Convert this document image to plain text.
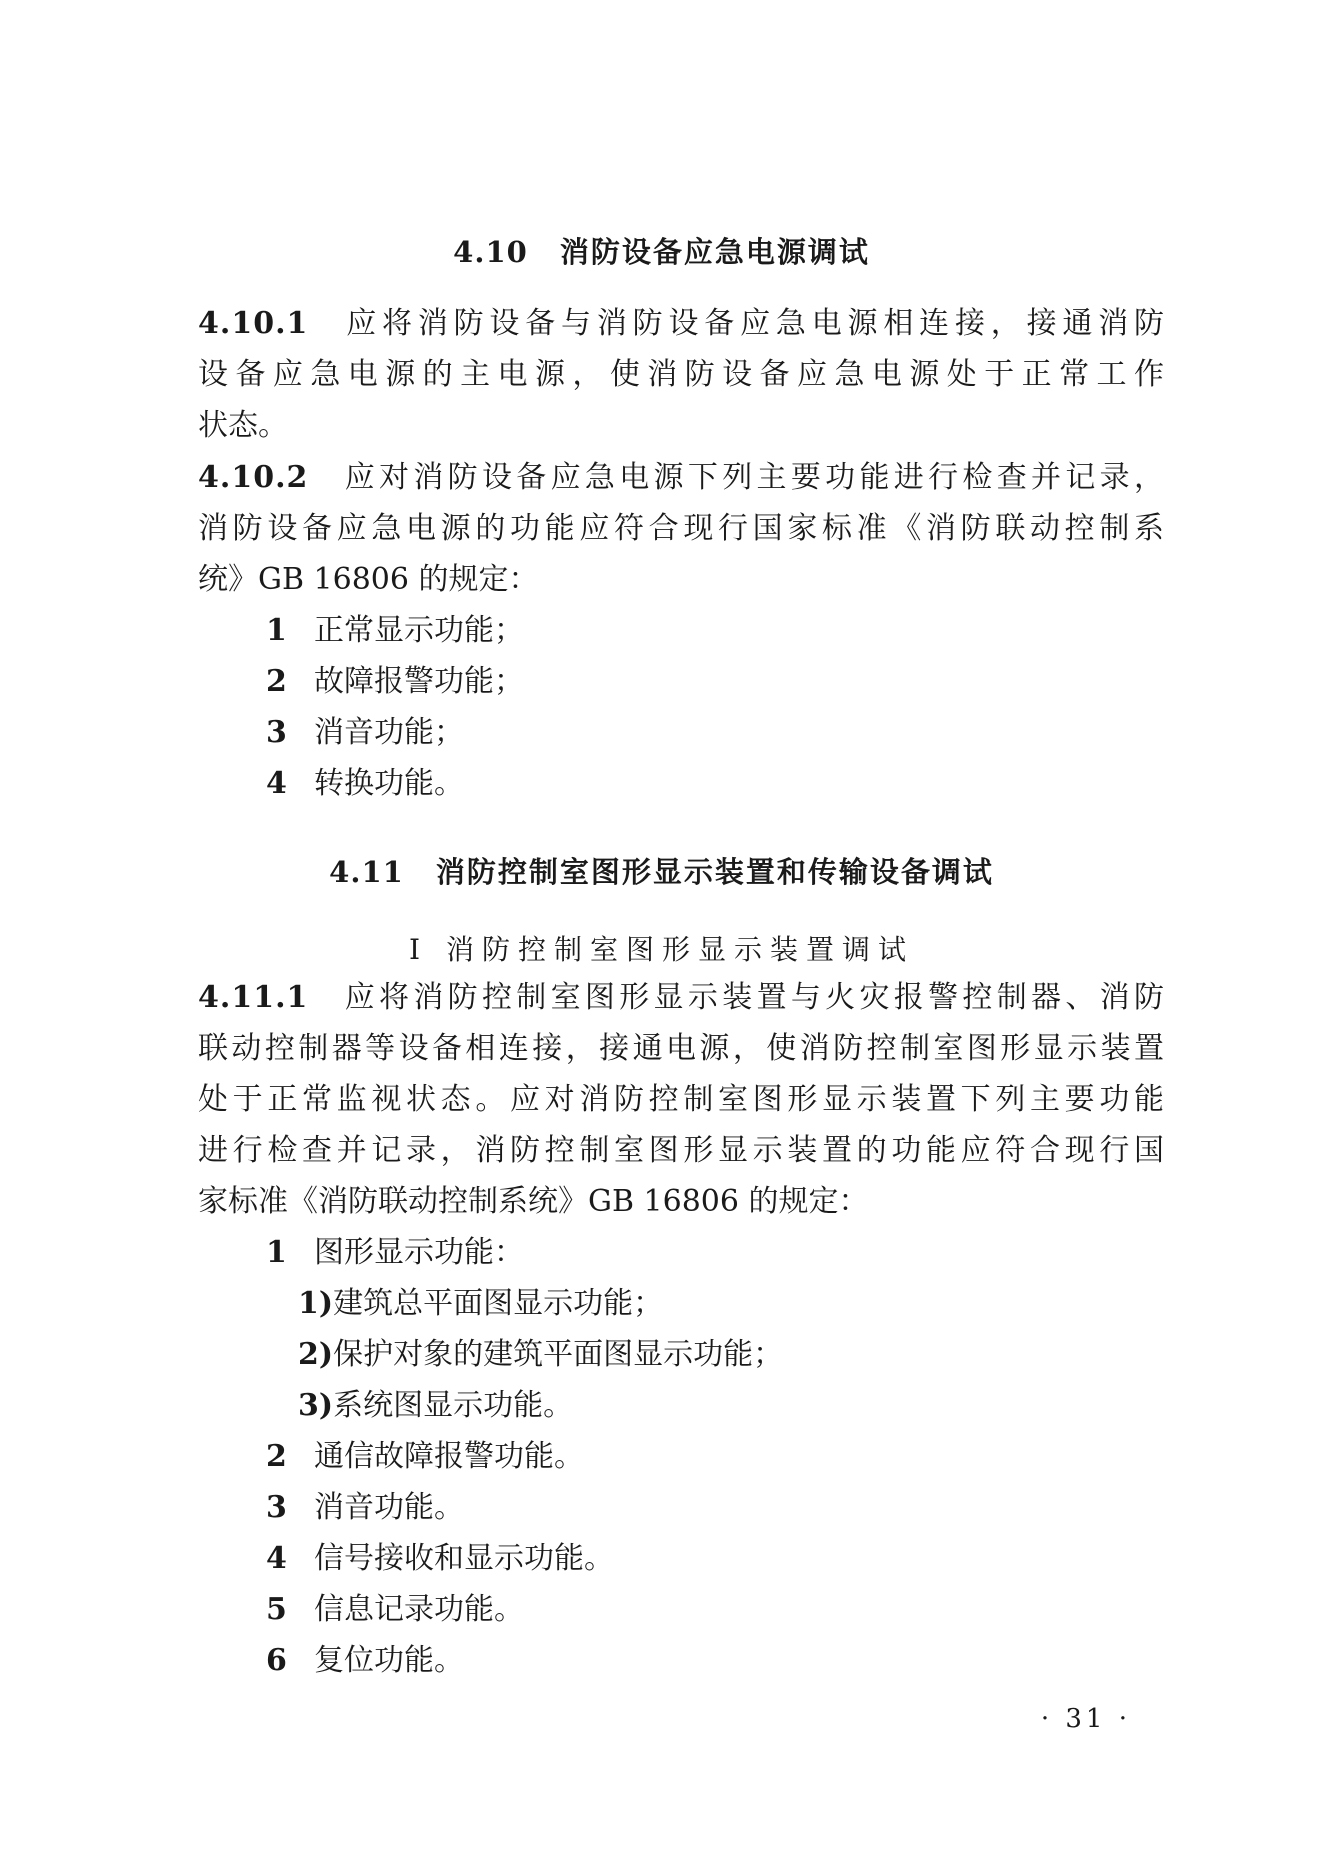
4.10 消防设备应急电源调试
4.10.1 应将消防设备与消防设备应急电源相连接，接通消防
设备应急电源的主电源，使消防设备应急电源处于正常工作
状态。
4.10.2 应对消防设备应急电源下列主要功能进行检查并记录，
消防设备应急电源的功能应符合现行国家标准《消防联动控制系
统》GB 16806 的规定：
1 正常显示功能；
2 故障报警功能；
3 消音功能；
4 转换功能。
4.11 消防控制室图形显示装置和传输设备调试
Ⅰ 消防控制室图形显示装置调试
4.11.1 应将消防控制室图形显示装置与火灾报警控制器、消防
联动控制器等设备相连接，接通电源，使消防控制室图形显示装置
处于正常监视状态。应对消防控制室图形显示装置下列主要功能
进行检查并记录，消防控制室图形显示装置的功能应符合现行国
家标准《消防联动控制系统》GB 16806 的规定：
1 图形显示功能：
1)建筑总平面图显示功能；
2)保护对象的建筑平面图显示功能；
3)系统图显示功能。
2 通信故障报警功能。
3 消音功能。
4 信号接收和显示功能。
5 信息记录功能。
6 复位功能。
· 31 ·
